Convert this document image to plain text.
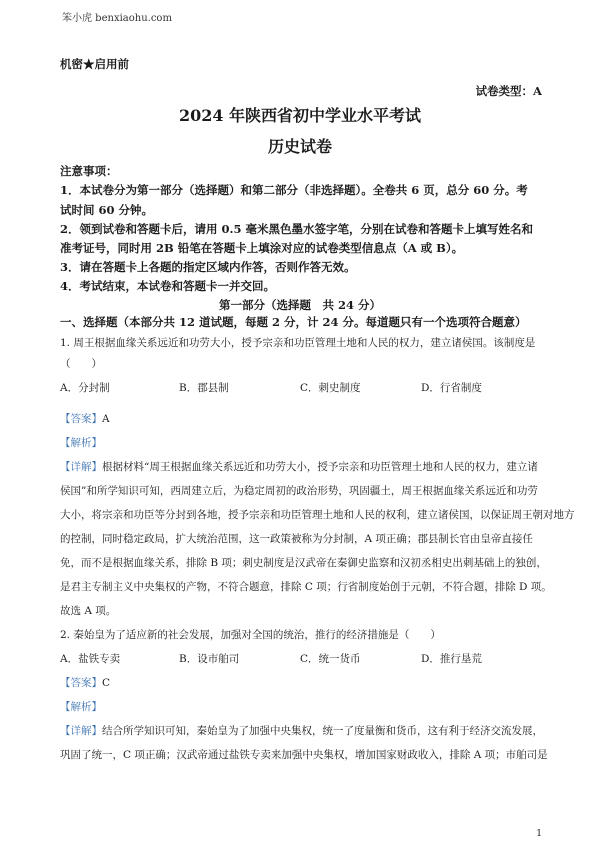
笨小虎 benxiaohu.com
机密★启用前
试卷类型：A
2024 年陕西省初中学业水平考试
历史试卷
注意事项：
1．本试卷分为第一部分（选择题）和第二部分（非选择题）。全卷共 6 页，总分 60 分。考
试时间 60 分钟。
2．领到试卷和答题卡后，请用 0.5 毫米黑色墨水签字笔，分别在试卷和答题卡上填写姓名和
准考证号，同时用 2B 铅笔在答题卡上填涂对应的试卷类型信息点（A 或 B）。
3．请在答题卡上各题的指定区域内作答，否则作答无效。
4．考试结束，本试卷和答题卡一并交回。
第一部分（选择题　共 24 分）
一、选择题（本部分共 12 道试题，每题 2 分，计 24 分。每道题只有一个选项符合题意）
1. 周王根据血缘关系远近和功劳大小，授予宗亲和功臣管理土地和人民的权力，建立诸侯国。该制度是
（　　）
A．分封制	B．郡县制	C．刺史制度	D．行省制度
【答案】A
【解析】
【详解】根据材料“周王根据血缘关系远近和功劳大小，授予宗亲和功臣管理土地和人民的权力，建立诸
侯国”和所学知识可知，西周建立后，为稳定周初的政治形势，巩固疆土，周王根据血缘关系远近和功劳
大小，将宗亲和功臣等分封到各地，授予宗亲和功臣管理土地和人民的权利，建立诸侯国，以保证周王朝对地方
的控制，同时稳定政局，扩大统治范围，这一政策被称为分封制，A 项正确；郡县制长官由皇帝直接任
免，而不是根据血缘关系，排除 B 项；刺史制度是汉武帝在秦御史监察和汉初丞相史出刺基础上的独创，
是君主专制主义中央集权的产物，不符合题意，排除 C 项；行省制度始创于元朝，不符合题，排除 D 项。
故选 A 项。
2. 秦始皇为了适应新的社会发展，加强对全国的统治，推行的经济措施是（　　）
A．盐铁专卖	B．设市舶司	C．统一货币	D．推行垦荒
【答案】C
【解析】
【详解】结合所学知识可知，秦始皇为了加强中央集权，统一了度量衡和货币，这有利于经济交流发展，
巩固了统一，C 项正确；汉武帝通过盐铁专卖来加强中央集权，增加国家财政收入，排除 A 项；市舶司是
1
